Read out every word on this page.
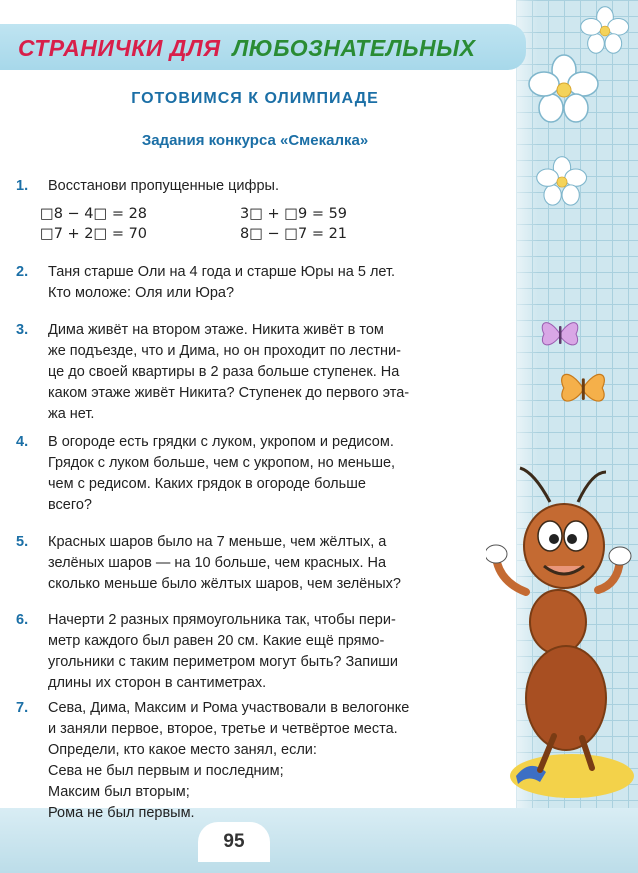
СТРАНИЧКИ ДЛЯ ЛЮБОЗНАТЕЛЬНЫХ
ГОТОВИМСЯ К ОЛИМПИАДЕ
Задания конкурса «Смекалка»
1.	Восстанови пропущенные цифры.
□8 − 4□ = 28	3□ + □9 = 59
□7 + 2□ = 70	8□ − □7 = 21
2.	Таня старше Оли на 4 года и старше Юры на 5 лет.
Кто моложе: Оля или Юра?
3.	Дима живёт на втором этаже. Никита живёт в том
же подъезде, что и Дима, но он проходит по лестни-
це до своей квартиры в 2 раза больше ступенек. На
каком этаже живёт Никита? Ступенек до первого эта-
жа нет.
4.	В огороде есть грядки с луком, укропом и редисом.
Грядок с луком больше, чем с укропом, но меньше,
чем с редисом. Каких грядок в огороде больше
всего?
5.	Красных шаров было на 7 меньше, чем жёлтых, а
зелёных шаров — на 10 больше, чем красных. На
сколько меньше было жёлтых шаров, чем зелёных?
6.	Начерти 2 разных прямоугольника так, чтобы пери-
метр каждого был равен 20 см. Какие ещё прямо-
угольники с таким периметром могут быть? Запиши
длины их сторон в сантиметрах.
7.	Сева, Дима, Максим и Рома участвовали в велогонке
и заняли первое, второе, третье и четвёртое места.
Определи, кто какое место занял, если:
Сева не был первым и последним;
Максим был вторым;
Рома не был первым.
95
